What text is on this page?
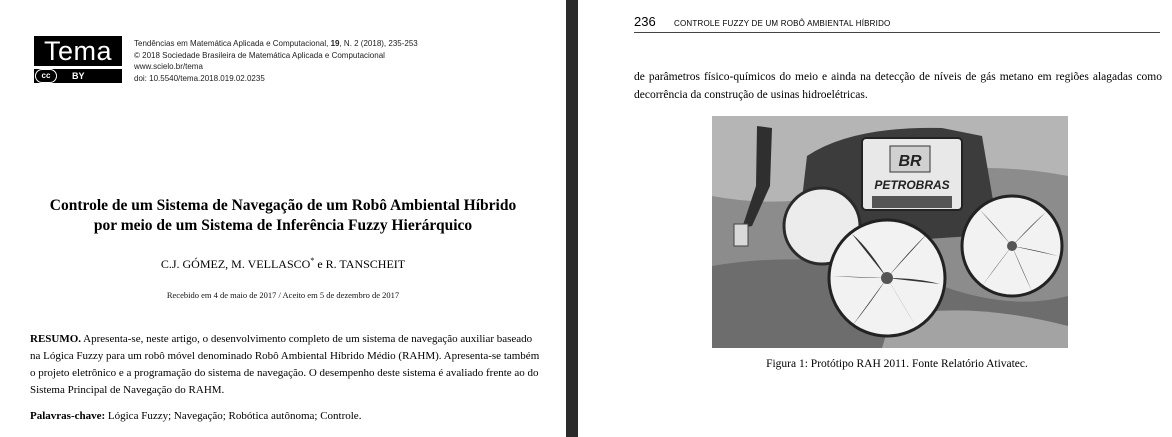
Tema
cc	BY
Tendências em Matemática Aplicada e Computacional, 19, N. 2 (2018), 235-253
© 2018 Sociedade Brasileira de Matemática Aplicada e Computacional
www.scielo.br/tema
doi: 10.5540/tema.2018.019.02.0235
Controle de um Sistema de Navegação de um Robô Ambiental Híbrido
por meio de um Sistema de Inferência Fuzzy Hierárquico
C.J. GÓMEZ, M. VELLASCO* e R. TANSCHEIT
Recebido em 4 de maio de 2017 / Aceito em 5 de dezembro de 2017
RESUMO. Apresenta-se, neste artigo, o desenvolvimento completo de um sistema de navegação auxiliar baseado na Lógica Fuzzy para um robô móvel denominado Robô Ambiental Híbrido Médio (RAHM). Apresenta-se também o projeto eletrônico e a programação do sistema de navegação. O desempenho deste sistema é avaliado frente ao do Sistema Principal de Navegação do RAHM.
Palavras-chave: Lógica Fuzzy; Navegação; Robótica autônoma; Controle.
236 CONTROLE FUZZY DE UM ROBÔ AMBIENTAL HÍBRIDO
de parâmetros físico-químicos do meio e ainda na detecção de níveis de gás metano em regiões alagadas como decorrência da construção de usinas hidroelétricas.
BR
PETROBRAS
Figura 1: Protótipo RAH 2011. Fonte Relatório Ativatec.
